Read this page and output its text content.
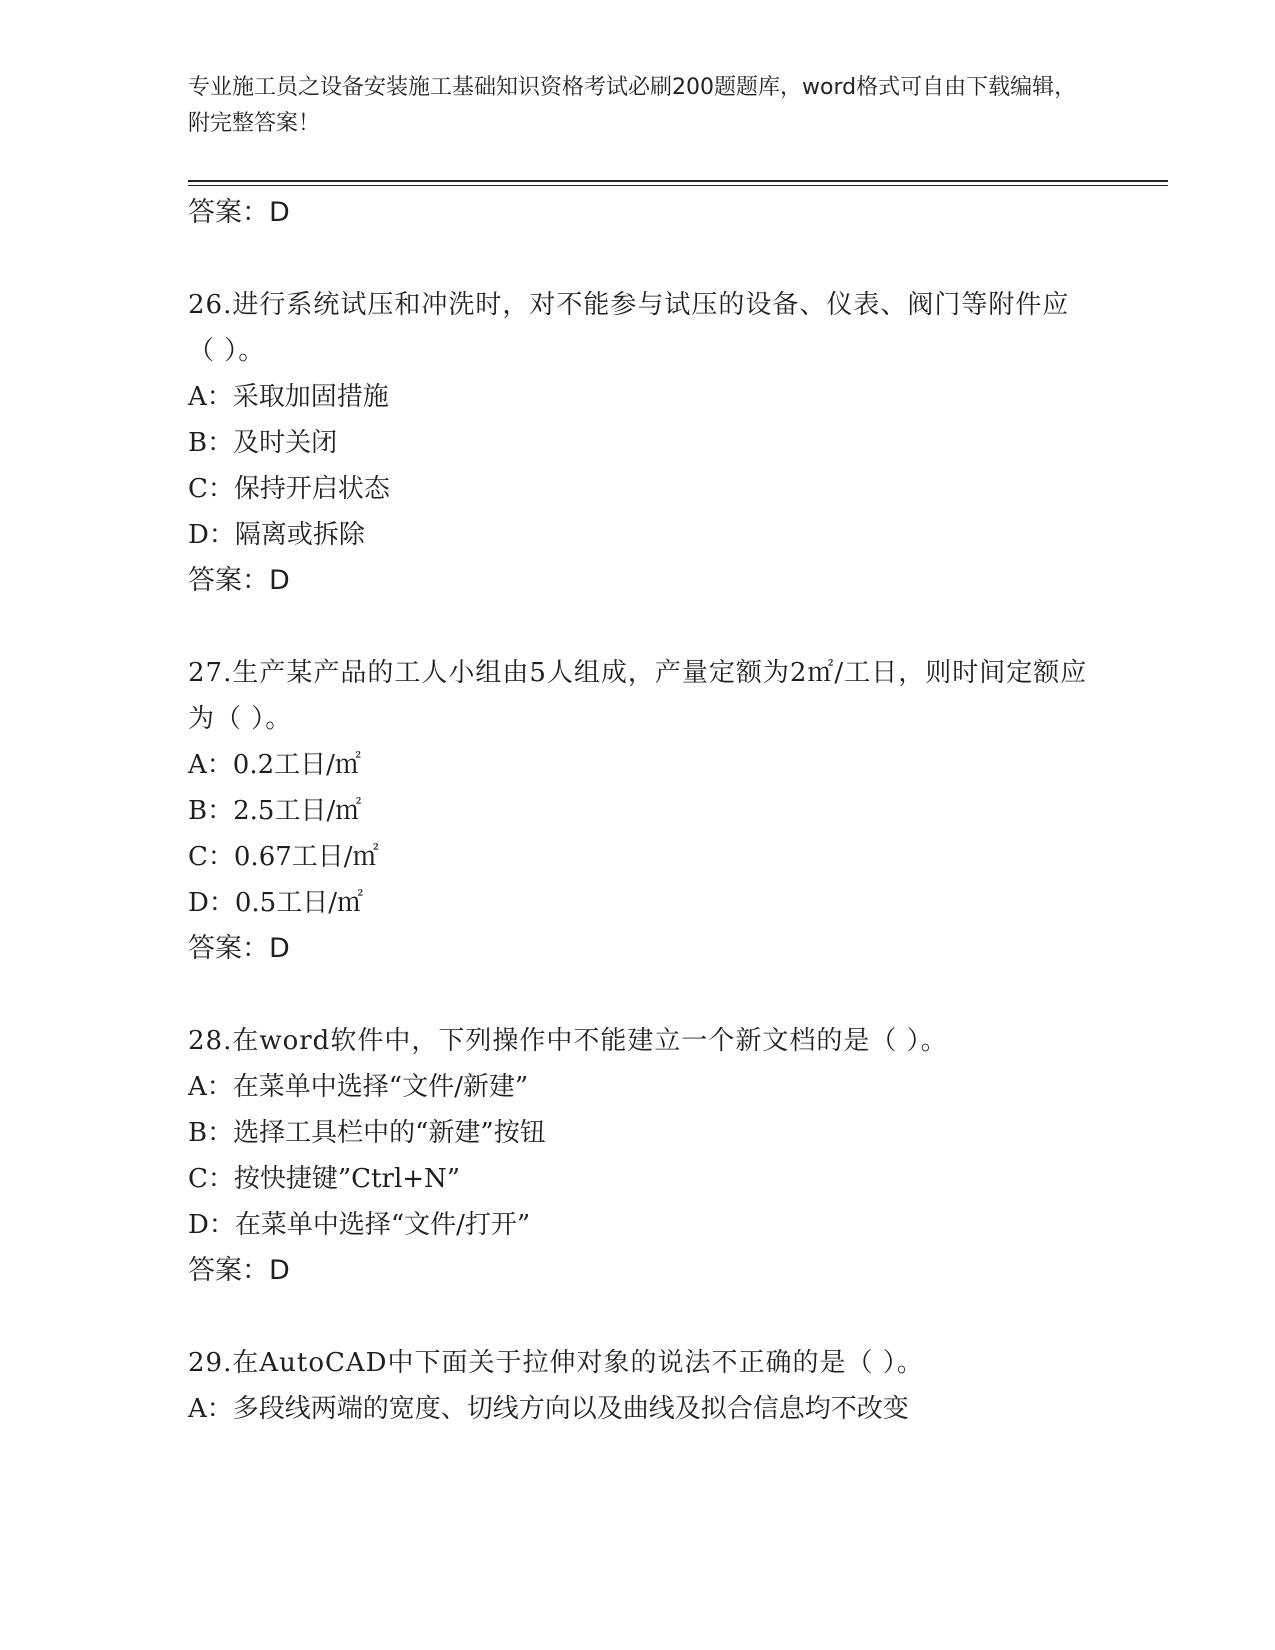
专业施工员之设备安装施工基础知识资格考试必刷200题题库，word格式可自由下载编辑，附完整答案！
答案：D
26.进行系统试压和冲洗时，对不能参与试压的设备、仪表、阀门等附件应（ ）。
A：采取加固措施
B：及时关闭
C：保持开启状态
D：隔离或拆除
答案：D
27.生产某产品的工人小组由5人组成，产量定额为2㎡/工日，则时间定额应为（ ）。
A：0.2工日/㎡
B：2.5工日/㎡
C：0.67工日/㎡
D：0.5工日/㎡
答案：D
28.在word软件中，下列操作中不能建立一个新文档的是（ ）。
A：在菜单中选择“文件/新建”
B：选择工具栏中的“新建”按钮
C：按快捷键”Ctrl+N”
D：在菜单中选择“文件/打开”
答案：D
29.在AutoCAD中下面关于拉伸对象的说法不正确的是（ ）。
A：多段线两端的宽度、切线方向以及曲线及拟合信息均不改变
